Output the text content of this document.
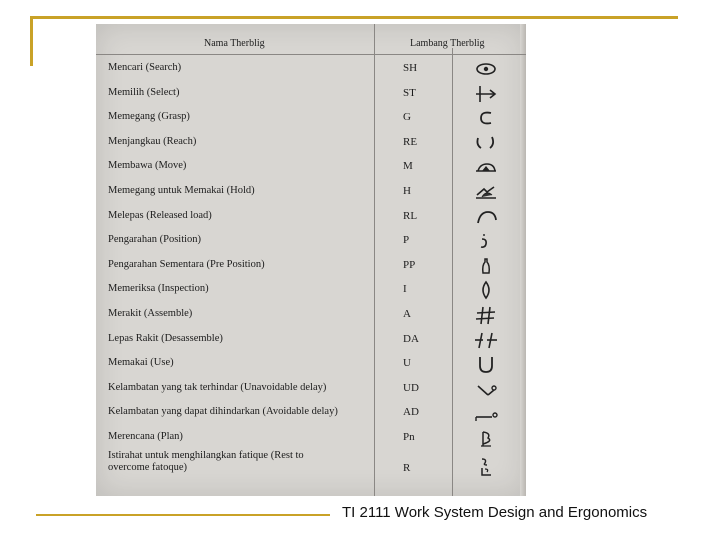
Nama Therblig	Lambang Therblig
Mencari (Search)	SH
Memilih (Select)	ST
Memegang (Grasp)	G
Menjangkau (Reach)	RE
Membawa (Move)	M
Memegang untuk Memakai (Hold)	H
Melepas (Released load)	RL
Pengarahan (Position)	P
Pengarahan Sementara (Pre Position)	PP
Memeriksa (Inspection)	I
Merakit (Assemble)	A
Lepas Rakit (Desassemble)	DA
Memakai (Use)	U
Kelambatan yang tak terhindar (Unavoidable delay)	UD
Kelambatan yang dapat dihindarkan (Avoidable delay)	AD
Merencana (Plan)	Pn
Istirahat untuk menghilangkan fatique (Rest to overcome fatoque)	R
TI 2111 Work System Design and Ergonomics
